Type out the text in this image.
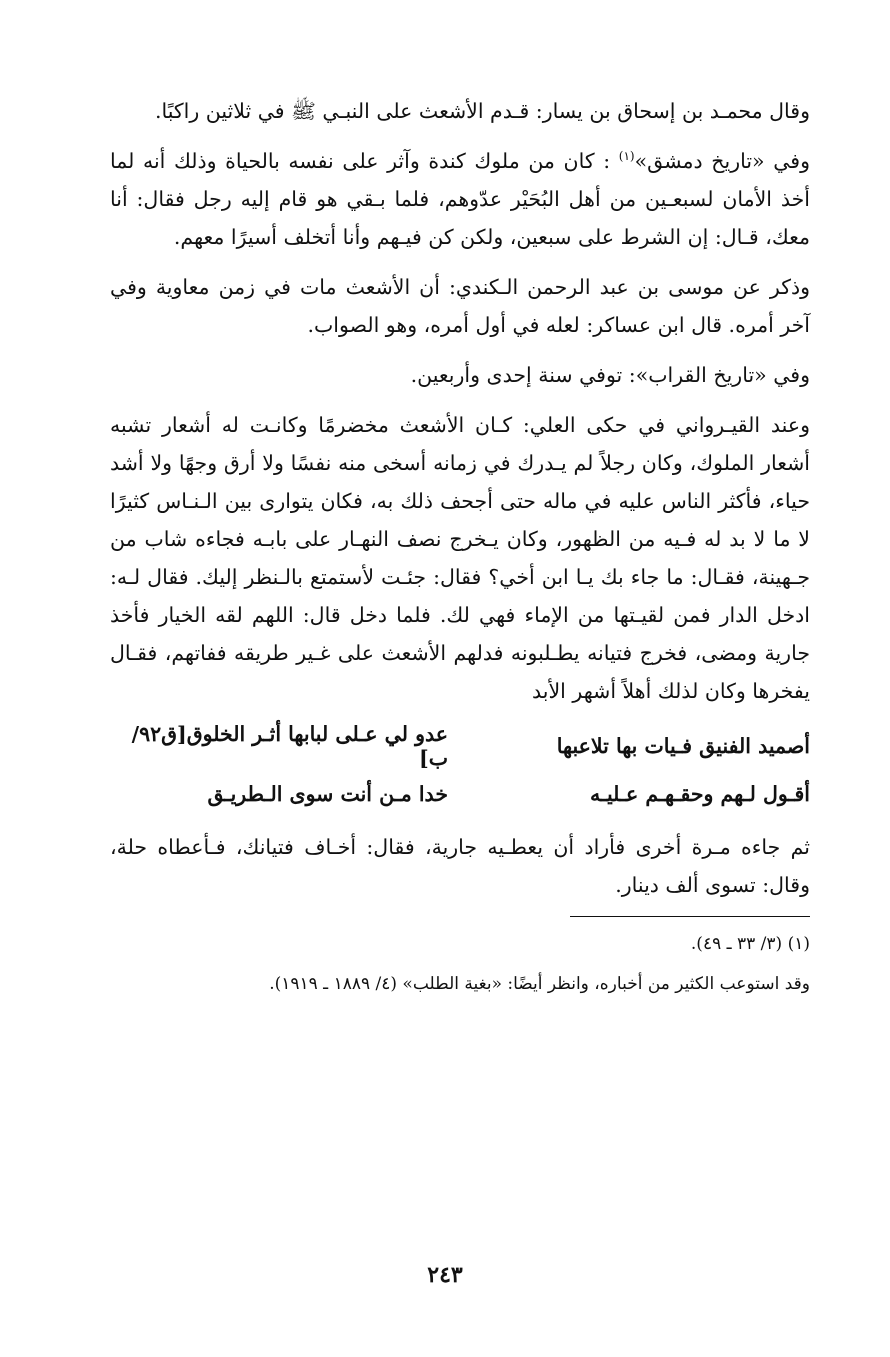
وقال محمـد بن إسحاق بن يسار: قـدم الأشعث على النبـي ﷺ في ثلاثين راكبًا.

وفي «تاريخ دمشق»$^{(١)}$ : كان من ملوك كندة وآثر على نفسه بالحياة وذلك أنه لما أخذ الأمان لسبعـين من أهل البُحَيْر عدّوهم، فلما بـقي هو قام إليه رجل فقال: أنا معك، قـال: إن الشرط على سبعين، ولكن كن فيـهم وأنا أتخلف أسيرًا معهم.

وذكر عن موسى بن عبد الرحمن الـكندي: أن الأشعث مات في زمن معاوية وفي آخر أمره. قال ابن عساكر: لعله في أول أمره، وهو الصواب.

وفي «تاريخ القراب»: توفي سنة إحدى وأربعين.

وعند القيـرواني في حكى العلي: كـان الأشعث مخضرمًا وكانـت له أشعار تشبه أشعار الملوك، وكان رجلاً لم يـدرك في زمانه أسخى منه نفسًا ولا أرق وجهًا ولا أشد حياء، فأكثر الناس عليه في ماله حتى أجحف ذلك به، فكان يتوارى بين الـنـاس كثيرًا لا ما لا بد له فـيه من الظهور، وكان يـخرج نصف النهـار على بابـه فجاءه شاب من جـهينة، فقـال: ما جاء بك يـا ابن أخي؟ فقال: جئـت لأستمتع بالـنظر إليك. فقال لـه: ادخل الدار فمن لقيـتها من الإماء فهي لك. فلما دخل قال: اللهم لقه الخيار فأخذ جارية ومضى، فخرج فتيانه يطـلبونه فدلهم الأشعث على غـير طريقه ففاتهم، فقـال يفخرها وكان لذلك أهلاً أشهر الأبد

أصميد الفنيق فـيات بها تلاعبها
عدو لي عـلى لبابها أثـر الخلوق[ق٩٢/ ب]
أقـول لـهم وحقـهـم عـليـه
خدا مـن أنت سوى الـطريـق

ثم جاءه مـرة أخرى فأراد أن يعطـيه جارية، فقال: أخـاف فتيانك، فـأعطاه حلة، وقال: تسوى ألف دينار.

(١) (٣/ ٣٣ ـ ٤٩).

وقد استوعب الكثير من أخباره، وانظر أيضًا: «بغية الطلب» (٤/ ١٨٨٩ ـ ١٩١٩).

٢٤٣
